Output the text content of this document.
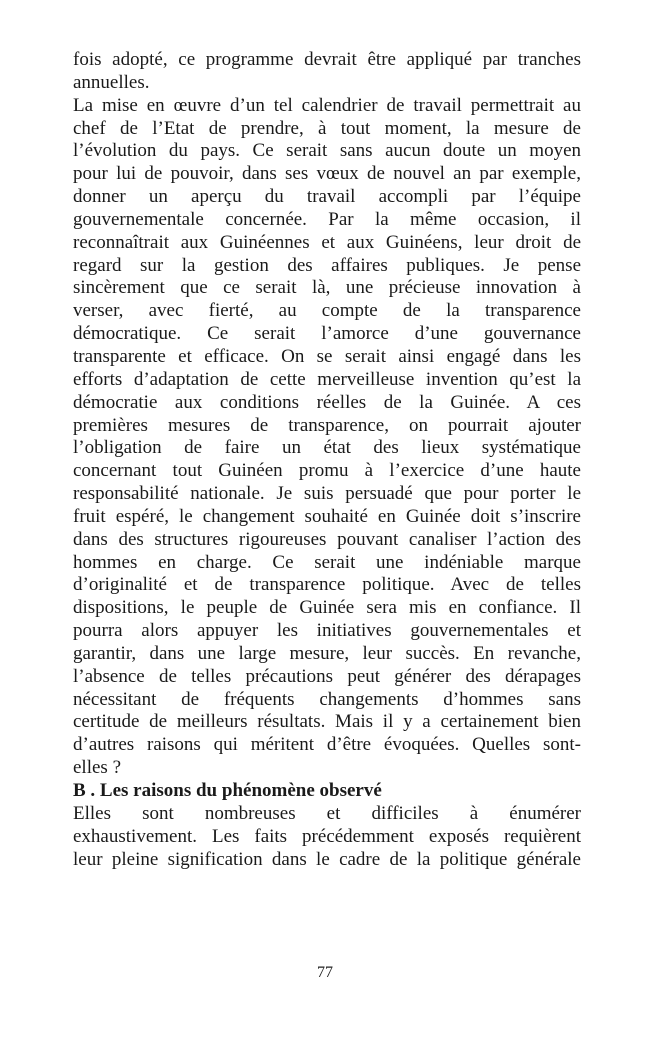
fois adopté, ce programme devrait être appliqué par tranches
annuelles.
La mise en œuvre d’un tel calendrier de travail permettrait au
chef de l’Etat de prendre, à tout moment, la mesure de
l’évolution du pays. Ce serait sans aucun doute un moyen
pour lui de pouvoir, dans ses vœux de nouvel an par exemple,
donner un aperçu du travail accompli par l’équipe
gouvernementale concernée. Par la même occasion, il
reconnaîtrait aux Guinéennes et aux Guinéens, leur droit de
regard sur la gestion des affaires publiques. Je pense
sincèrement que ce serait là, une précieuse innovation à
verser, avec fierté, au compte de la transparence
démocratique. Ce serait l’amorce d’une gouvernance
transparente et efficace. On se serait ainsi engagé dans les
efforts d’adaptation de cette merveilleuse invention qu’est la
démocratie aux conditions réelles de la Guinée. A ces
premières mesures de transparence, on pourrait ajouter
l’obligation de faire un état des lieux systématique
concernant tout Guinéen promu à l’exercice d’une haute
responsabilité nationale. Je suis persuadé que pour porter le
fruit espéré, le changement souhaité en Guinée doit s’inscrire
dans des structures rigoureuses pouvant canaliser l’action des
hommes en charge. Ce serait une indéniable marque
d’originalité et de transparence politique. Avec de telles
dispositions, le peuple de Guinée sera mis en confiance. Il
pourra alors appuyer les initiatives gouvernementales et
garantir, dans une large mesure, leur succès. En revanche,
l’absence de telles précautions peut générer des dérapages
nécessitant de fréquents changements d’hommes sans
certitude de meilleurs résultats. Mais il y a certainement bien
d’autres raisons qui méritent d’être évoquées. Quelles sont-
elles ?
B . Les raisons du phénomène observé
Elles sont nombreuses et difficiles à énumérer
exhaustivement. Les faits précédemment exposés requièrent
leur pleine signification dans le cadre de la politique générale
77
